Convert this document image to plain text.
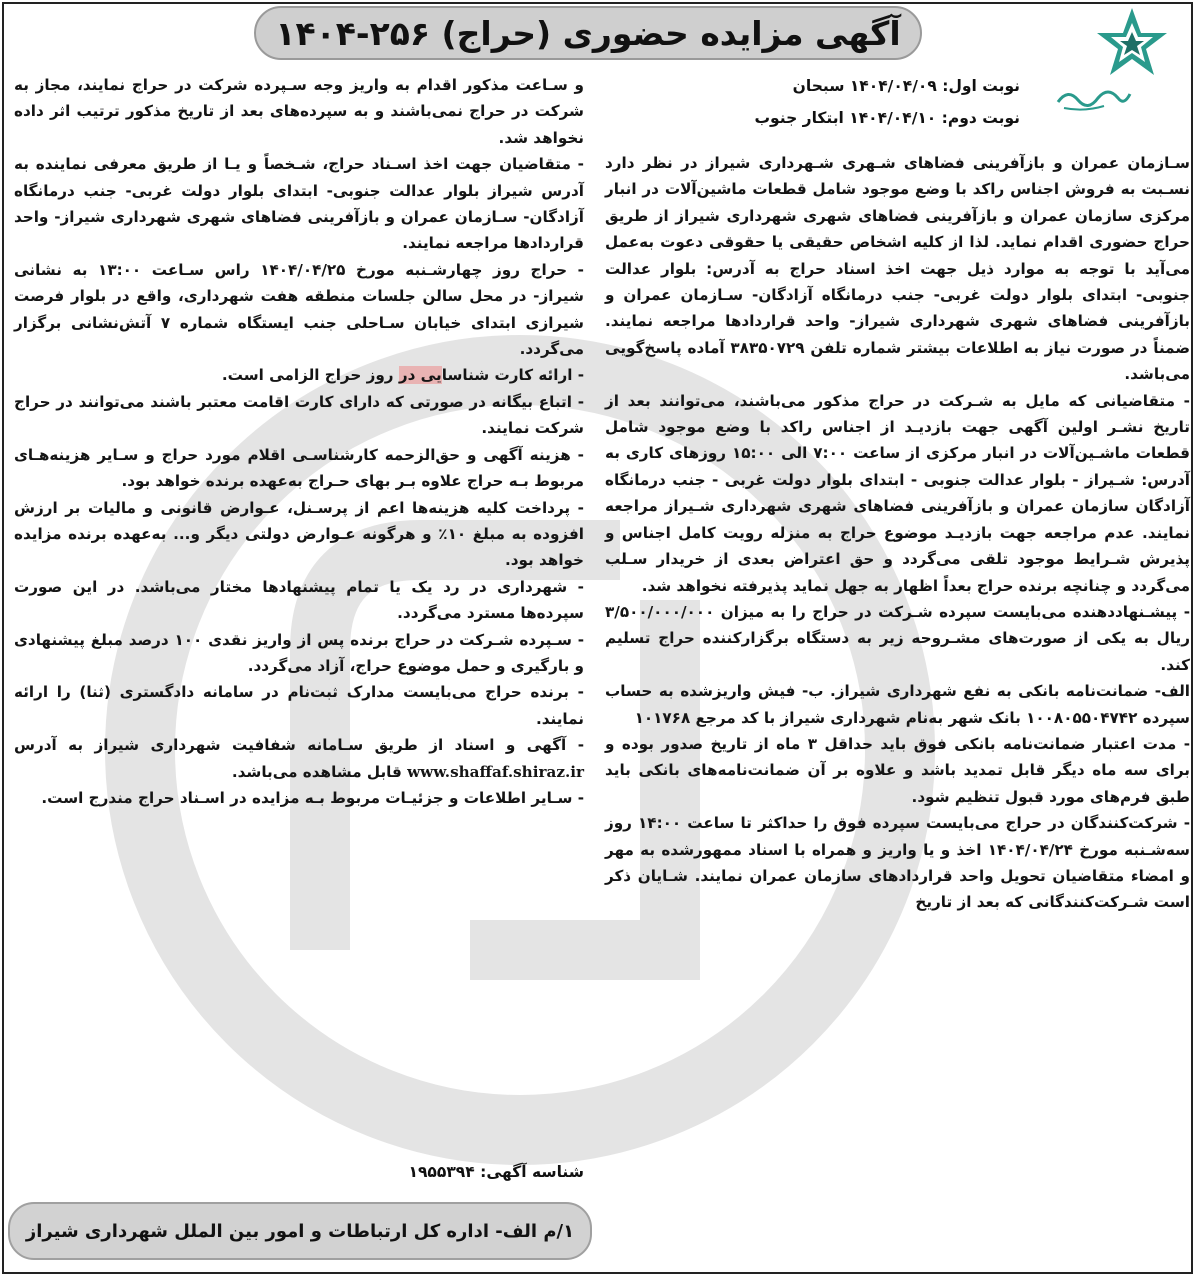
آگهی مزایده حضوری (حراج) ۲۵۶-۱۴۰۴
نوبت اول: ۱۴۰۴/۰۴/۰۹ سبحان
نوبت دوم: ۱۴۰۴/۰۴/۱۰ ابتکار جنوب

سـازمان عمران و بازآفرینی فضاهای شـهری شـهرداری شیراز در نظر دارد نسـبت به فروش اجناس راکد با وضع موجود شامل قطعات ماشین‌آلات در انبار مرکزی سازمان عمران و بازآفرینی فضاهای شهری شهرداری شیراز از طریق حراج حضوری اقدام نماید. لذا از کلیه اشخاص حقیقی یا حقوقی دعوت به‌عمل می‌آید با توجه به موارد ذیل جهت اخذ اسناد حراج به آدرس: بلوار عدالت جنوبی- ابتدای بلوار دولت غربی- جنب درمانگاه آزادگان- سـازمان عمران و بازآفرینی فضاهای شهری شهرداری شیراز- واحد قراردادها مراجعه نمایند. ضمناً در صورت نیاز به اطلاعات بیشتر شماره تلفن ۳۸۳۵۰۷۲۹ آماده پاسخ‌گویی می‌باشد.

- متقاضیانی که مایل به شـرکت در حراج مذکور می‌باشند، می‌توانند بعد از تاریخ نشـر اولین آگهی جهت بازدیـد از اجناس راکد با وضع موجود شامل قطعات ماشـین‌آلات در انبار مرکزی از ساعت ۷:۰۰ الی ۱۵:۰۰ روزهای کاری به آدرس: شـیراز - بلوار عدالت جنوبی - ابتدای بلوار دولت غربی - جنب درمانگاه آزادگان سازمان عمران و بازآفرینی فضاهای شهری شهرداری شـیراز مراجعه نمایند. عدم مراجعه جهت بازدیـد موضوع حراج به منزله رویت کامل اجناس و پذیرش شـرایط موجود تلقی می‌گردد و حق اعتراض بعدی از خریدار سـلب می‌گردد و چنانچه برنده حراج بعداً اظهار به جهل نماید پذیرفته نخواهد شد.

- پیشـنهاددهنده می‌بایست سپرده شـرکت در حراج را به میزان ۳/۵۰۰/۰۰۰/۰۰۰ ریال به یکی از صورت‌های مشـروحه زیر به دستگاه برگزارکننده حراج تسلیم کند.

الف- ضمانت‌نامه بانکی به نفع شهرداری شیراز. ب- فیش واریزشده به حساب سپرده ۱۰۰۸۰۵۵۰۴۷۴۲ بانک شهر به‌نام شهرداری شیراز با کد مرجع ۱۰۱۷۶۸

- مدت اعتبار ضمانت‌نامه بانکی فوق باید حداقل ۳ ماه از تاریخ صدور بوده و برای سه ماه دیگر قابل تمدید باشد و علاوه بر آن ضمانت‌نامه‌های بانکی باید طبق فرم‌های مورد قبول تنظیم شود.

- شرکت‌کنندگان در حراج می‌بایست سپرده فوق را حداکثر تا ساعت ۱۴:۰۰ روز سه‌شـنبه مورخ ۱۴۰۴/۰۴/۲۴ اخذ و یا واریز و همراه با اسناد ممهورشده به مهر و امضاء متقاضیان تحویل واحد قراردادهای سازمان عمران نمایند. شـایان ذکر است شـرکت‌کنندگانی که بعد از تاریخ

و سـاعت مذکور اقدام به واریز وجه سـپرده شرکت در حراج نمایند، مجاز به شرکت در حراج نمی‌باشند و به سپرده‌های بعد از تاریخ مذکور ترتیب اثر داده نخواهد شد.

- متقاضیان جهت اخذ اسـناد حراج، شـخصاً و یـا از طریق معرفی نماینده به آدرس شیراز بلوار عدالت جنوبی- ابتدای بلوار دولت غربی- جنب درمانگاه آزادگان- سـازمان عمران و بازآفرینی فضاهای شهری شهرداری شیراز- واحد قراردادها مراجعه نمایند.

- حراج روز چهارشـنبه مورخ ۱۴۰۴/۰۴/۲۵ راس سـاعت ۱۳:۰۰ به نشانی شیراز- در محل سالن جلسات منطقه هفت شهرداری، واقع در بلوار فرصت شیرازی ابتدای خیابان سـاحلی جنب ایستگاه شماره ۷ آتش‌نشانی برگزار می‌گردد.

- ارائه کارت شناسایی در روز حراج الزامی است.

- اتباع بیگانه در صورتی که دارای کارت اقامت معتبر باشند می‌توانند در حراج شرکت نمایند.

- هزینه آگهی و حق‌الزحمه کارشناسـی اقلام مورد حراج و سـایر هزینه‌هـای مربوط بـه حراج علاوه بـر بهای حـراج به‌عهده برنده خواهد بود.

- پرداخت کلیه هزینه‌ها اعم از پرسـنل، عـوارض قانونی و مالیات بر ارزش افزوده به مبلغ ۱۰٪ و هرگونه عـوارض دولتی دیگر و... به‌عهده برنده مزایده خواهد بود.

- شهرداری در رد یک یا تمام پیشنهادها مختار می‌باشد. در این صورت سپرده‌ها مسترد می‌گردد.

- سـپرده شـرکت در حراج برنده پس از واریز نقدی ۱۰۰ درصد مبلغ پیشنهادی و بارگیری و حمل موضوع حراج، آزاد می‌گردد.

- برنده حراج می‌بایست مدارک ثبت‌نام در سامانه دادگستری (ثنا) را ارائه نمایند.

- آگهی و اسناد از طریق سـامانه شفافیت شهرداری شیراز به آدرس www.shaffaf.shiraz.ir قابل مشاهده می‌باشد.

- سـایر اطلاعات و جزئیـات مربوط بـه مزایده در اسـناد حراج مندرج است.

شناسه آگهی: ۱۹۵۵۳۹۴
۱/م الف- اداره کل ارتباطات و امور بین الملل شهرداری شیراز
